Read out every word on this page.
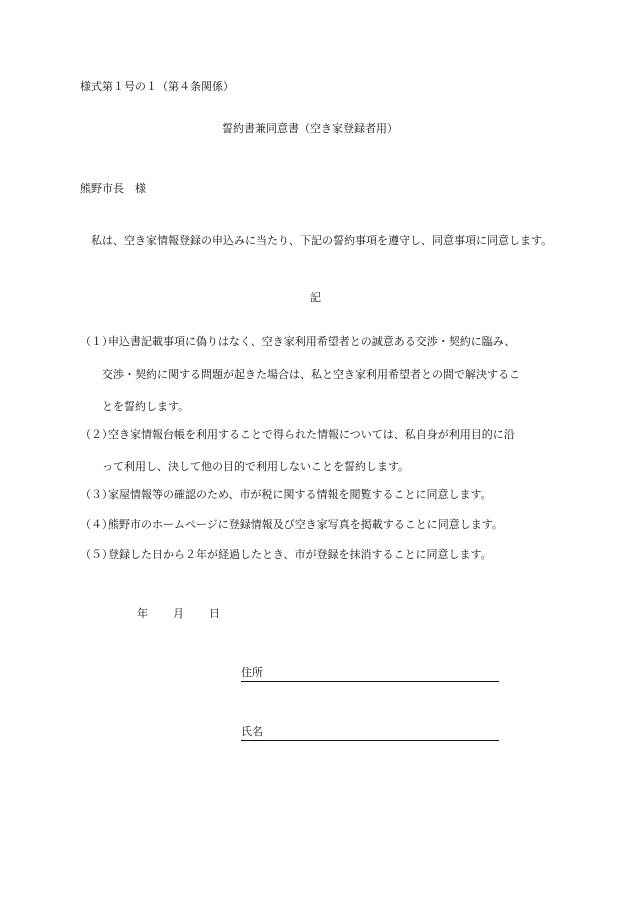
様式第１号の１（第４条関係）
誓約書兼同意書（空き家登録者用）
熊野市長　様
私は、空き家情報登録の申込みに当たり、下記の誓約事項を遵守し、同意事項に同意します。
記
（１）
申込書記載事項に偽りはなく、空き家利用希望者との誠意ある交渉・契約に臨み、
交渉・契約に関する問題が起きた場合は、私と空き家利用希望者との間で解決するこ
とを誓約します。
（２）
空き家情報台帳を利用することで得られた情報については、私自身が利用目的に沿
って利用し、決して他の目的で利用しないことを誓約します。
（３）
家屋情報等の確認のため、市が税に関する情報を閲覧することに同意します。
（４）
熊野市のホームページに登録情報及び空き家写真を掲載することに同意します。
（５）
登録した日から２年が経過したとき、市が登録を抹消することに同意します。
年 月 日
住所
氏名
